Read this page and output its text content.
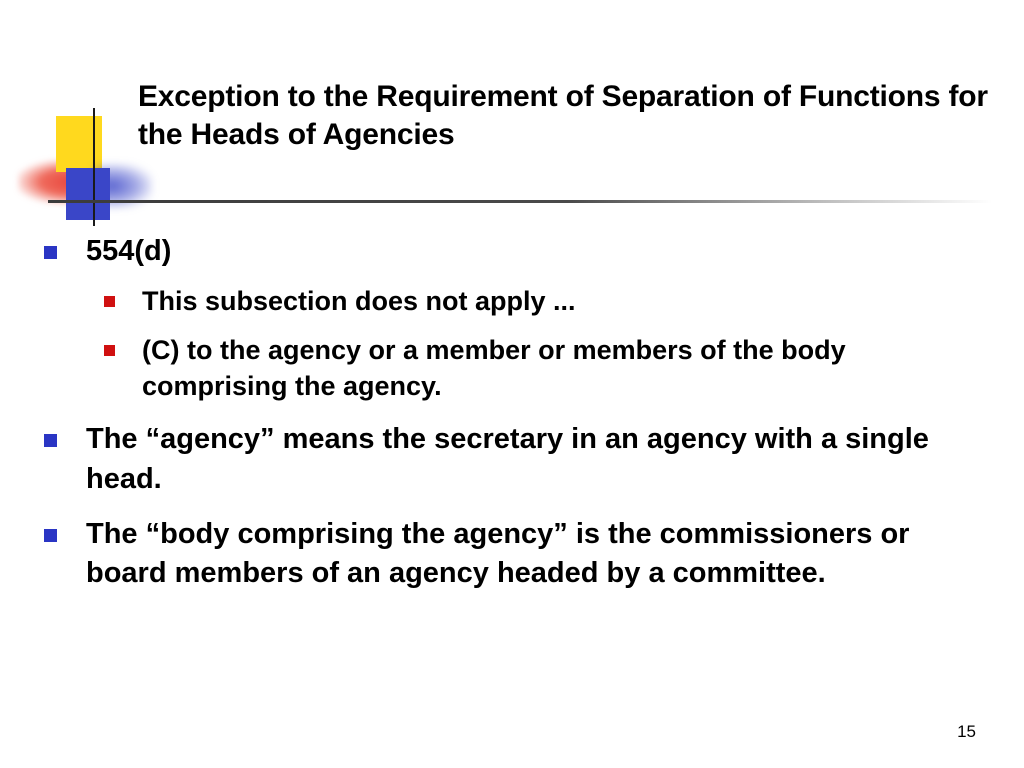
Exception to the Requirement of Separation of Functions for the Heads of Agencies
554(d)
This subsection does not apply ...
(C) to the agency or a member or members of the body comprising the agency.
The “agency” means the secretary in an agency with a single head.
The “body comprising the agency” is the commissioners or board members of an agency headed by a committee.
15
